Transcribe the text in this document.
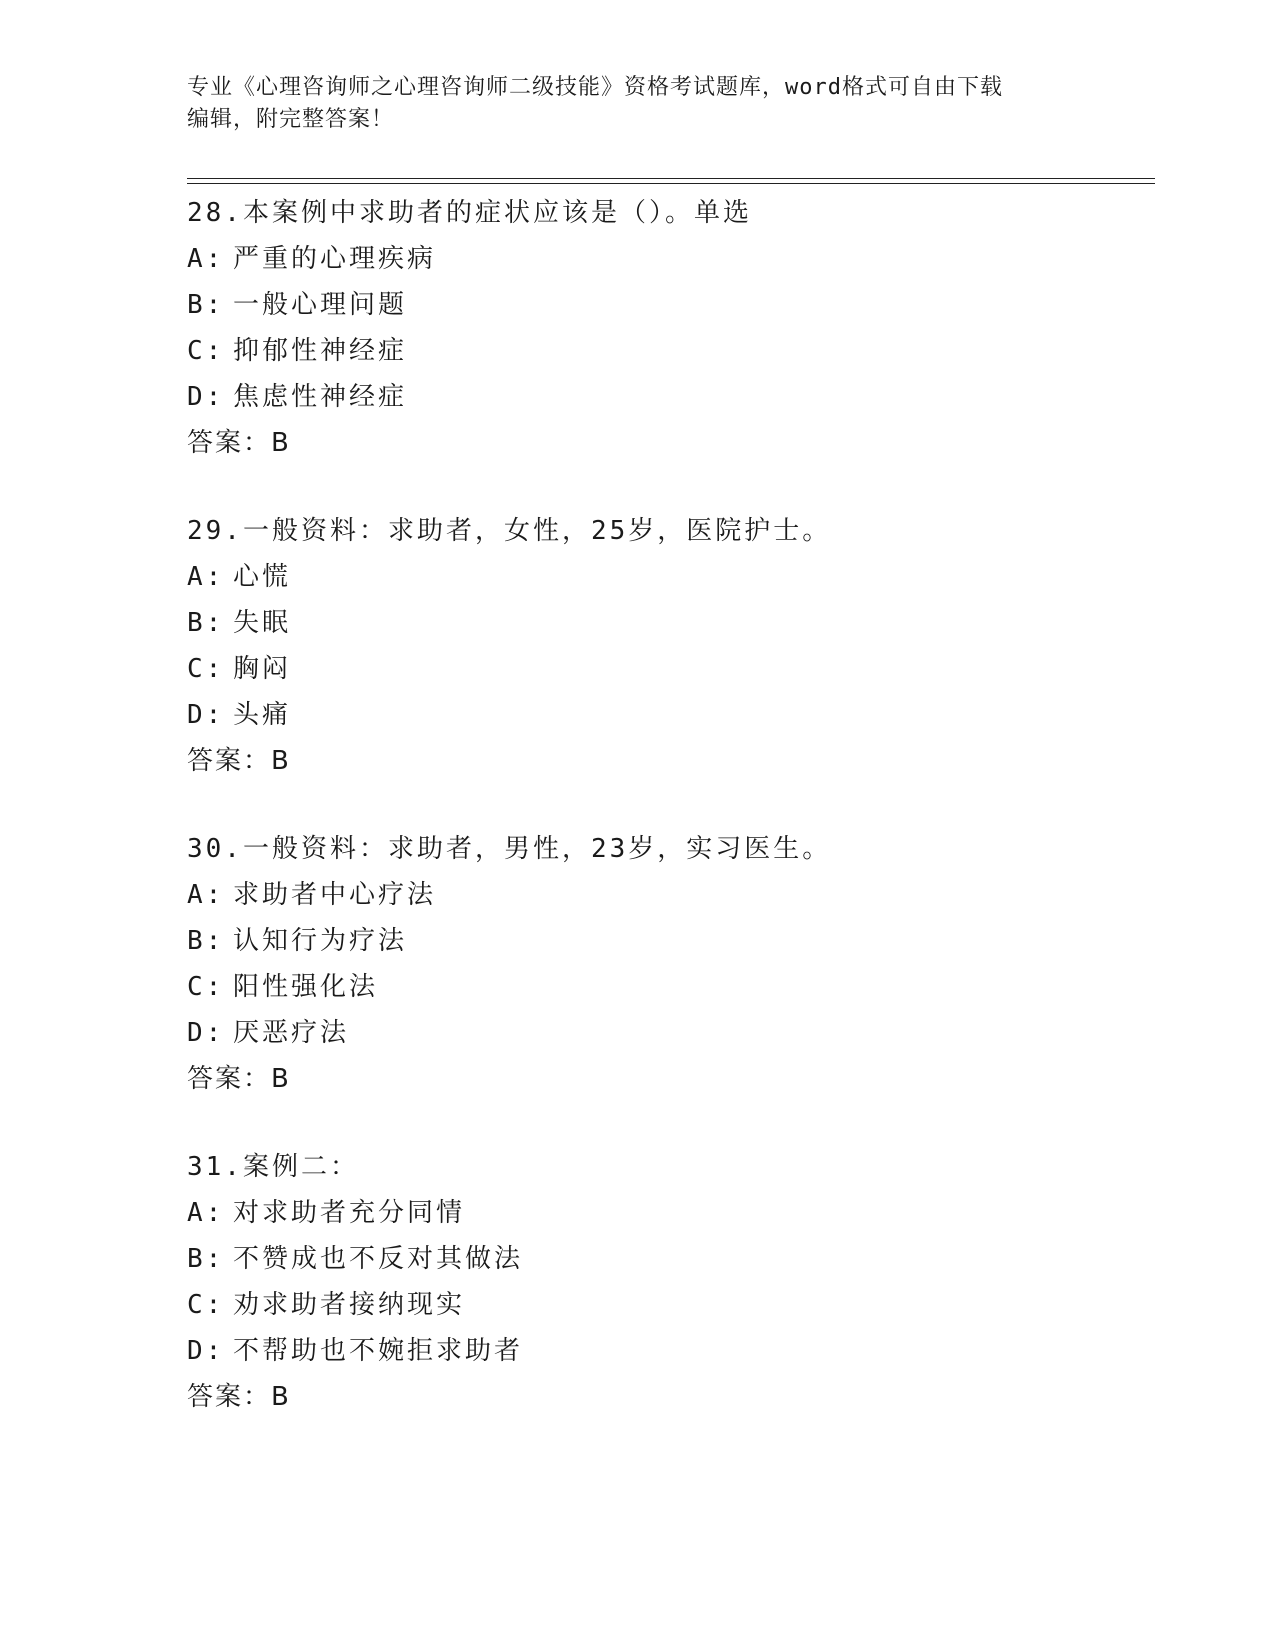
专业《心理咨询师之心理咨询师二级技能》资格考试题库，word格式可自由下载
编辑，附完整答案！
28.本案例中求助者的症状应该是（）。单选
A: 严重的心理疾病
B: 一般心理问题
C: 抑郁性神经症
D: 焦虑性神经症
答案：B
29.一般资料：求助者，女性，25岁，医院护士。
A: 心慌
B: 失眠
C: 胸闷
D: 头痛
答案：B
30.一般资料：求助者，男性，23岁，实习医生。
A: 求助者中心疗法
B: 认知行为疗法
C: 阳性强化法
D: 厌恶疗法
答案：B
31.案例二：
A: 对求助者充分同情
B: 不赞成也不反对其做法
C: 劝求助者接纳现实
D: 不帮助也不婉拒求助者
答案：B
